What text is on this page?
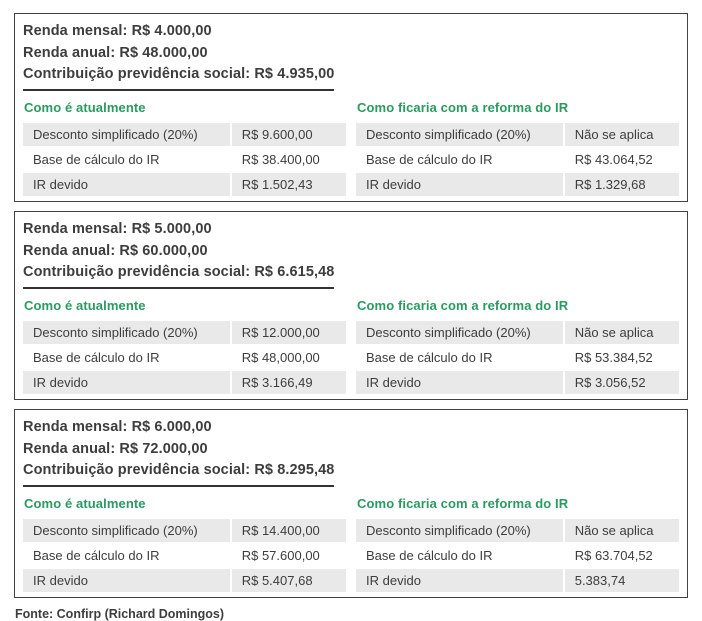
Renda mensal: R$ 4.000,00
Renda anual: R$ 48.000,00
Contribuição previdência social: R$ 4.935,00
Como é atualmente
Desconto simplificado (20%)	R$ 9.600,00
Base de cálculo do IR	R$ 38.400,00
IR devido	R$ 1.502,43
Como ficaria com a reforma do IR
Desconto simplificado (20%)	Não se aplica
Base de cálculo do IR	R$ 43.064,52
IR devido	R$ 1.329,68
Renda mensal: R$ 5.000,00
Renda anual: R$ 60.000,00
Contribuição previdência social: R$ 6.615,48
Como é atualmente
Desconto simplificado (20%)	R$ 12.000,00
Base de cálculo do IR	R$ 48,000,00
IR devido	R$ 3.166,49
Como ficaria com a reforma do IR
Desconto simplificado (20%)	Não se aplica
Base de cálculo do IR	R$ 53.384,52
IR devido	R$ 3.056,52
Renda mensal: R$ 6.000,00
Renda anual: R$ 72.000,00
Contribuição previdência social: R$ 8.295,48
Como é atualmente
Desconto simplificado (20%)	R$ 14.400,00
Base de cálculo do IR	R$ 57.600,00
IR devido	R$ 5.407,68
Como ficaria com a reforma do IR
Desconto simplificado (20%)	Não se aplica
Base de cálculo do IR	R$ 63.704,52
IR devido	5.383,74
Fonte: Confirp (Richard Domingos)
